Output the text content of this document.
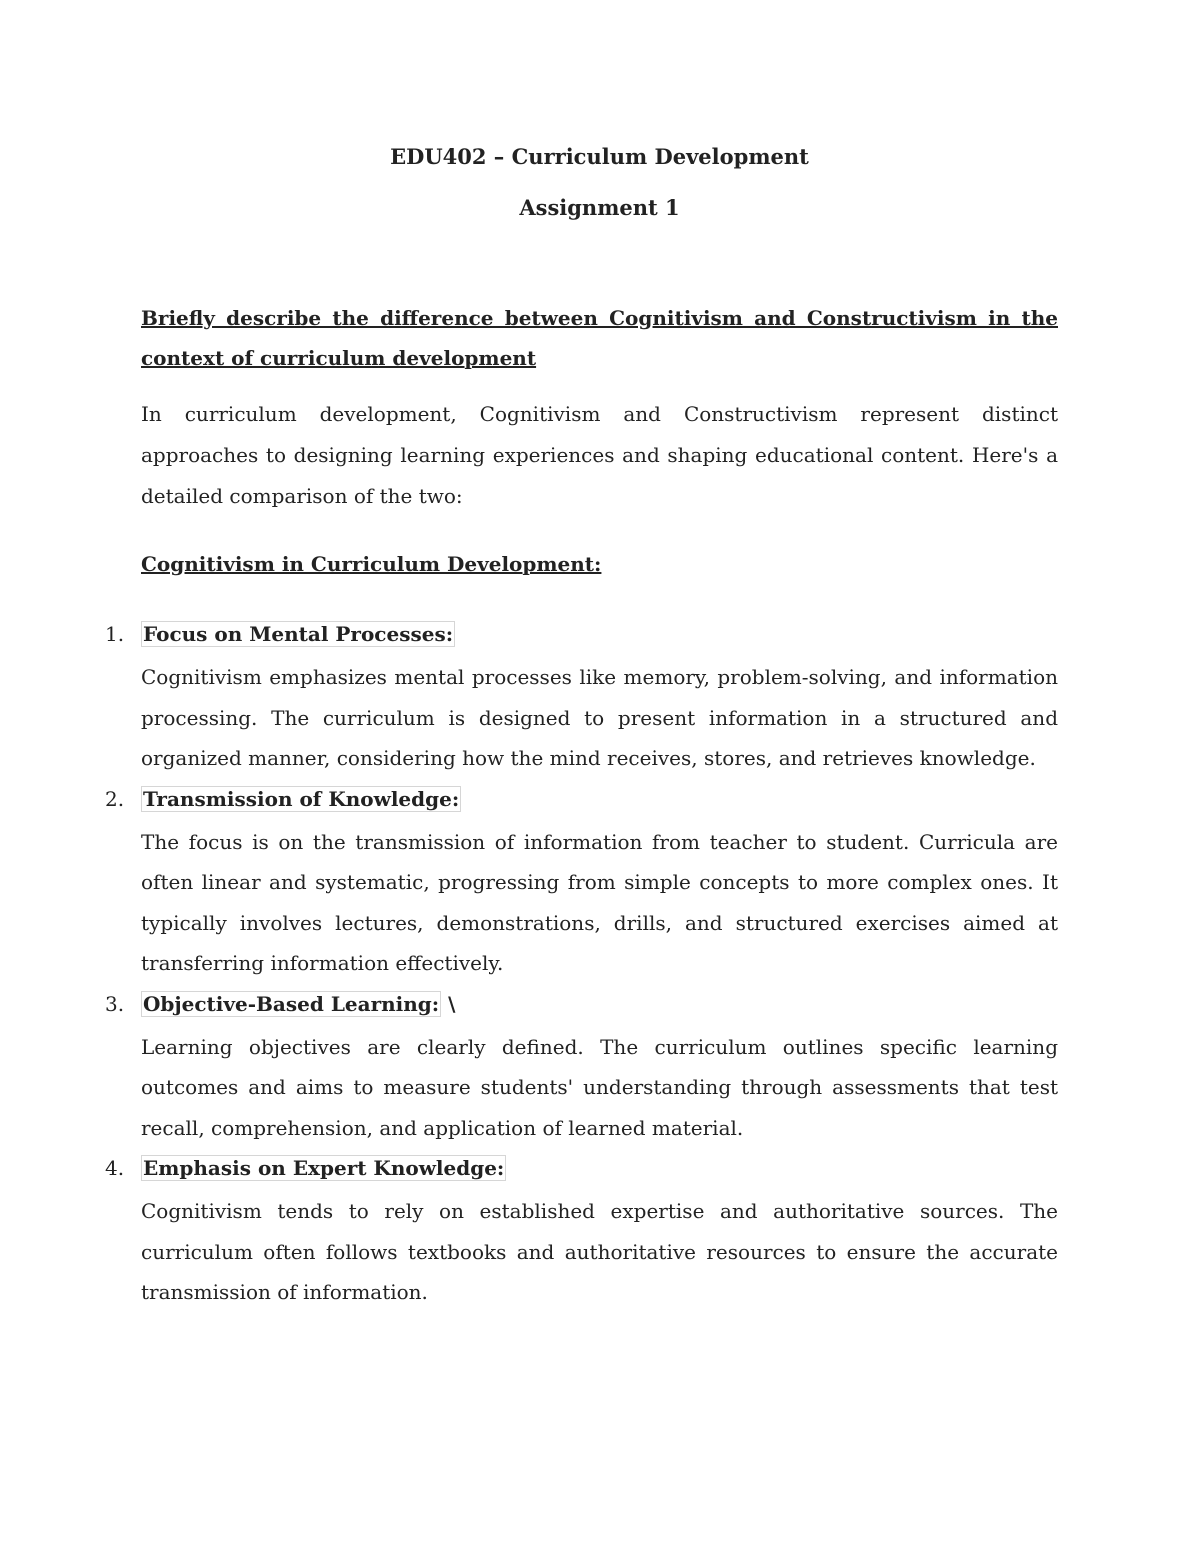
EDU402 – Curriculum Development

Assignment 1

Briefly describe the difference between Cognitivism and Constructivism in the context of curriculum development

In curriculum development, Cognitivism and Constructivism represent distinct approaches to designing learning experiences and shaping educational content. Here's a detailed comparison of the two:

Cognitivism in Curriculum Development:

1. Focus on Mental Processes:

Cognitivism emphasizes mental processes like memory, problem-solving, and information processing. The curriculum is designed to present information in a structured and organized manner, considering how the mind receives, stores, and retrieves knowledge.

2. Transmission of Knowledge:

The focus is on the transmission of information from teacher to student. Curricula are often linear and systematic, progressing from simple concepts to more complex ones. It typically involves lectures, demonstrations, drills, and structured exercises aimed at transferring information effectively.

3. Objective-Based Learning: \

Learning objectives are clearly defined. The curriculum outlines specific learning outcomes and aims to measure students' understanding through assessments that test recall, comprehension, and application of learned material.

4. Emphasis on Expert Knowledge:

Cognitivism tends to rely on established expertise and authoritative sources. The curriculum often follows textbooks and authoritative resources to ensure the accurate transmission of information.
